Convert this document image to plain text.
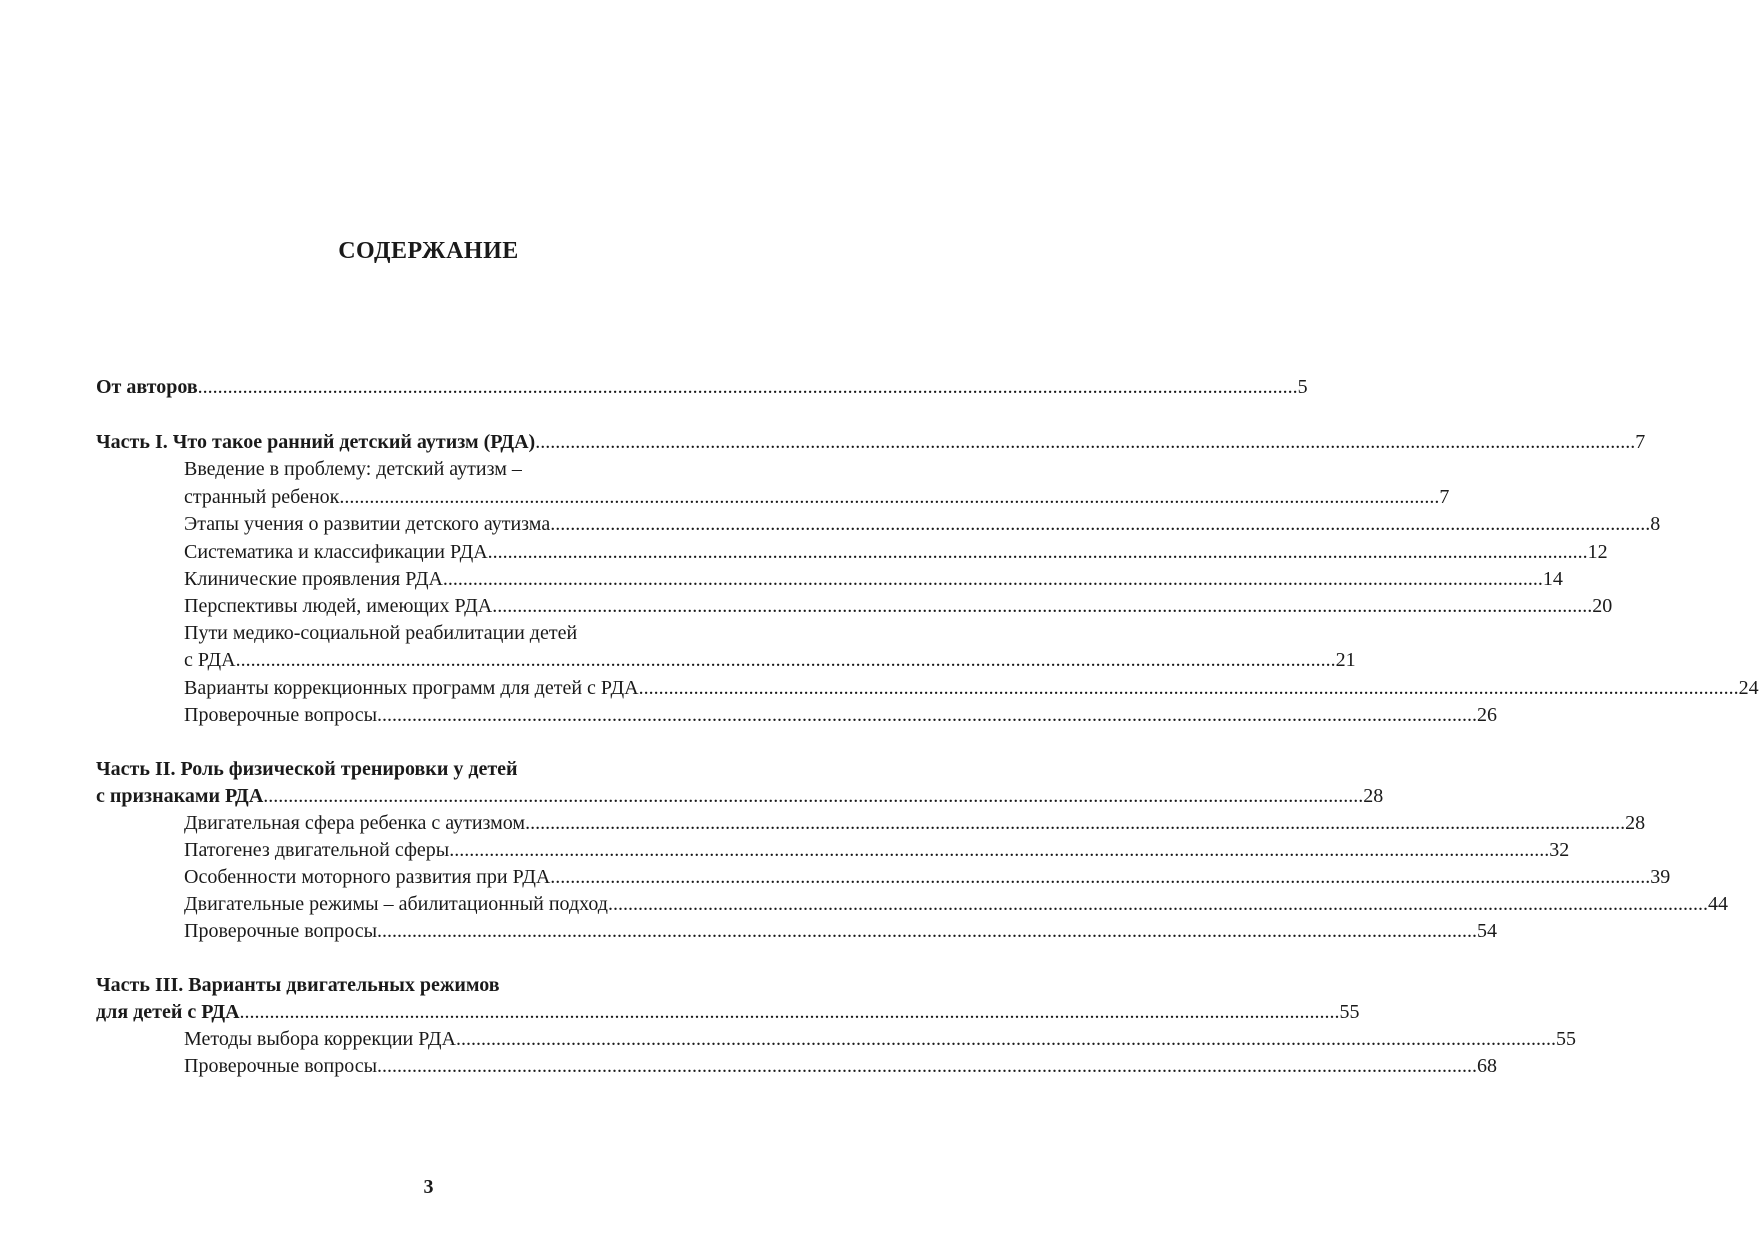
СОДЕРЖАНИЕ
От авторов ............................................................................................................................................................................................................................ 5
Часть I. Что такое ранний детский аутизм (РДА) ............................................................................................................................................................................................................................ 7
Введение в проблему: детский аутизм –
странный ребенок ............................................................................................................................................................................................................................ 7
Этапы учения о развитии детского аутизма ............................................................................................................................................................................................................................ 8
Систематика и классификации РДА ............................................................................................................................................................................................................................ 12
Клинические проявления РДА ............................................................................................................................................................................................................................ 14
Перспективы людей, имеющих РДА ............................................................................................................................................................................................................................ 20
Пути медико-социальной реабилитации детей
с РДА ............................................................................................................................................................................................................................ 21
Варианты коррекционных программ для детей с РДА ............................................................................................................................................................................................................................ 24
Проверочные вопросы ............................................................................................................................................................................................................................ 26
Часть II. Роль физической тренировки у детей
с признаками РДА ............................................................................................................................................................................................................................ 28
Двигательная сфера ребенка с аутизмом ............................................................................................................................................................................................................................ 28
Патогенез двигательной сферы ............................................................................................................................................................................................................................ 32
Особенности моторного развития при РДА ............................................................................................................................................................................................................................ 39
Двигательные режимы – абилитационный подход ............................................................................................................................................................................................................................ 44
Проверочные вопросы ............................................................................................................................................................................................................................ 54
Часть III. Варианты двигательных режимов
для детей с РДА ............................................................................................................................................................................................................................ 55
Методы выбора коррекции РДА ............................................................................................................................................................................................................................ 55
Проверочные вопросы ............................................................................................................................................................................................................................ 68
3
